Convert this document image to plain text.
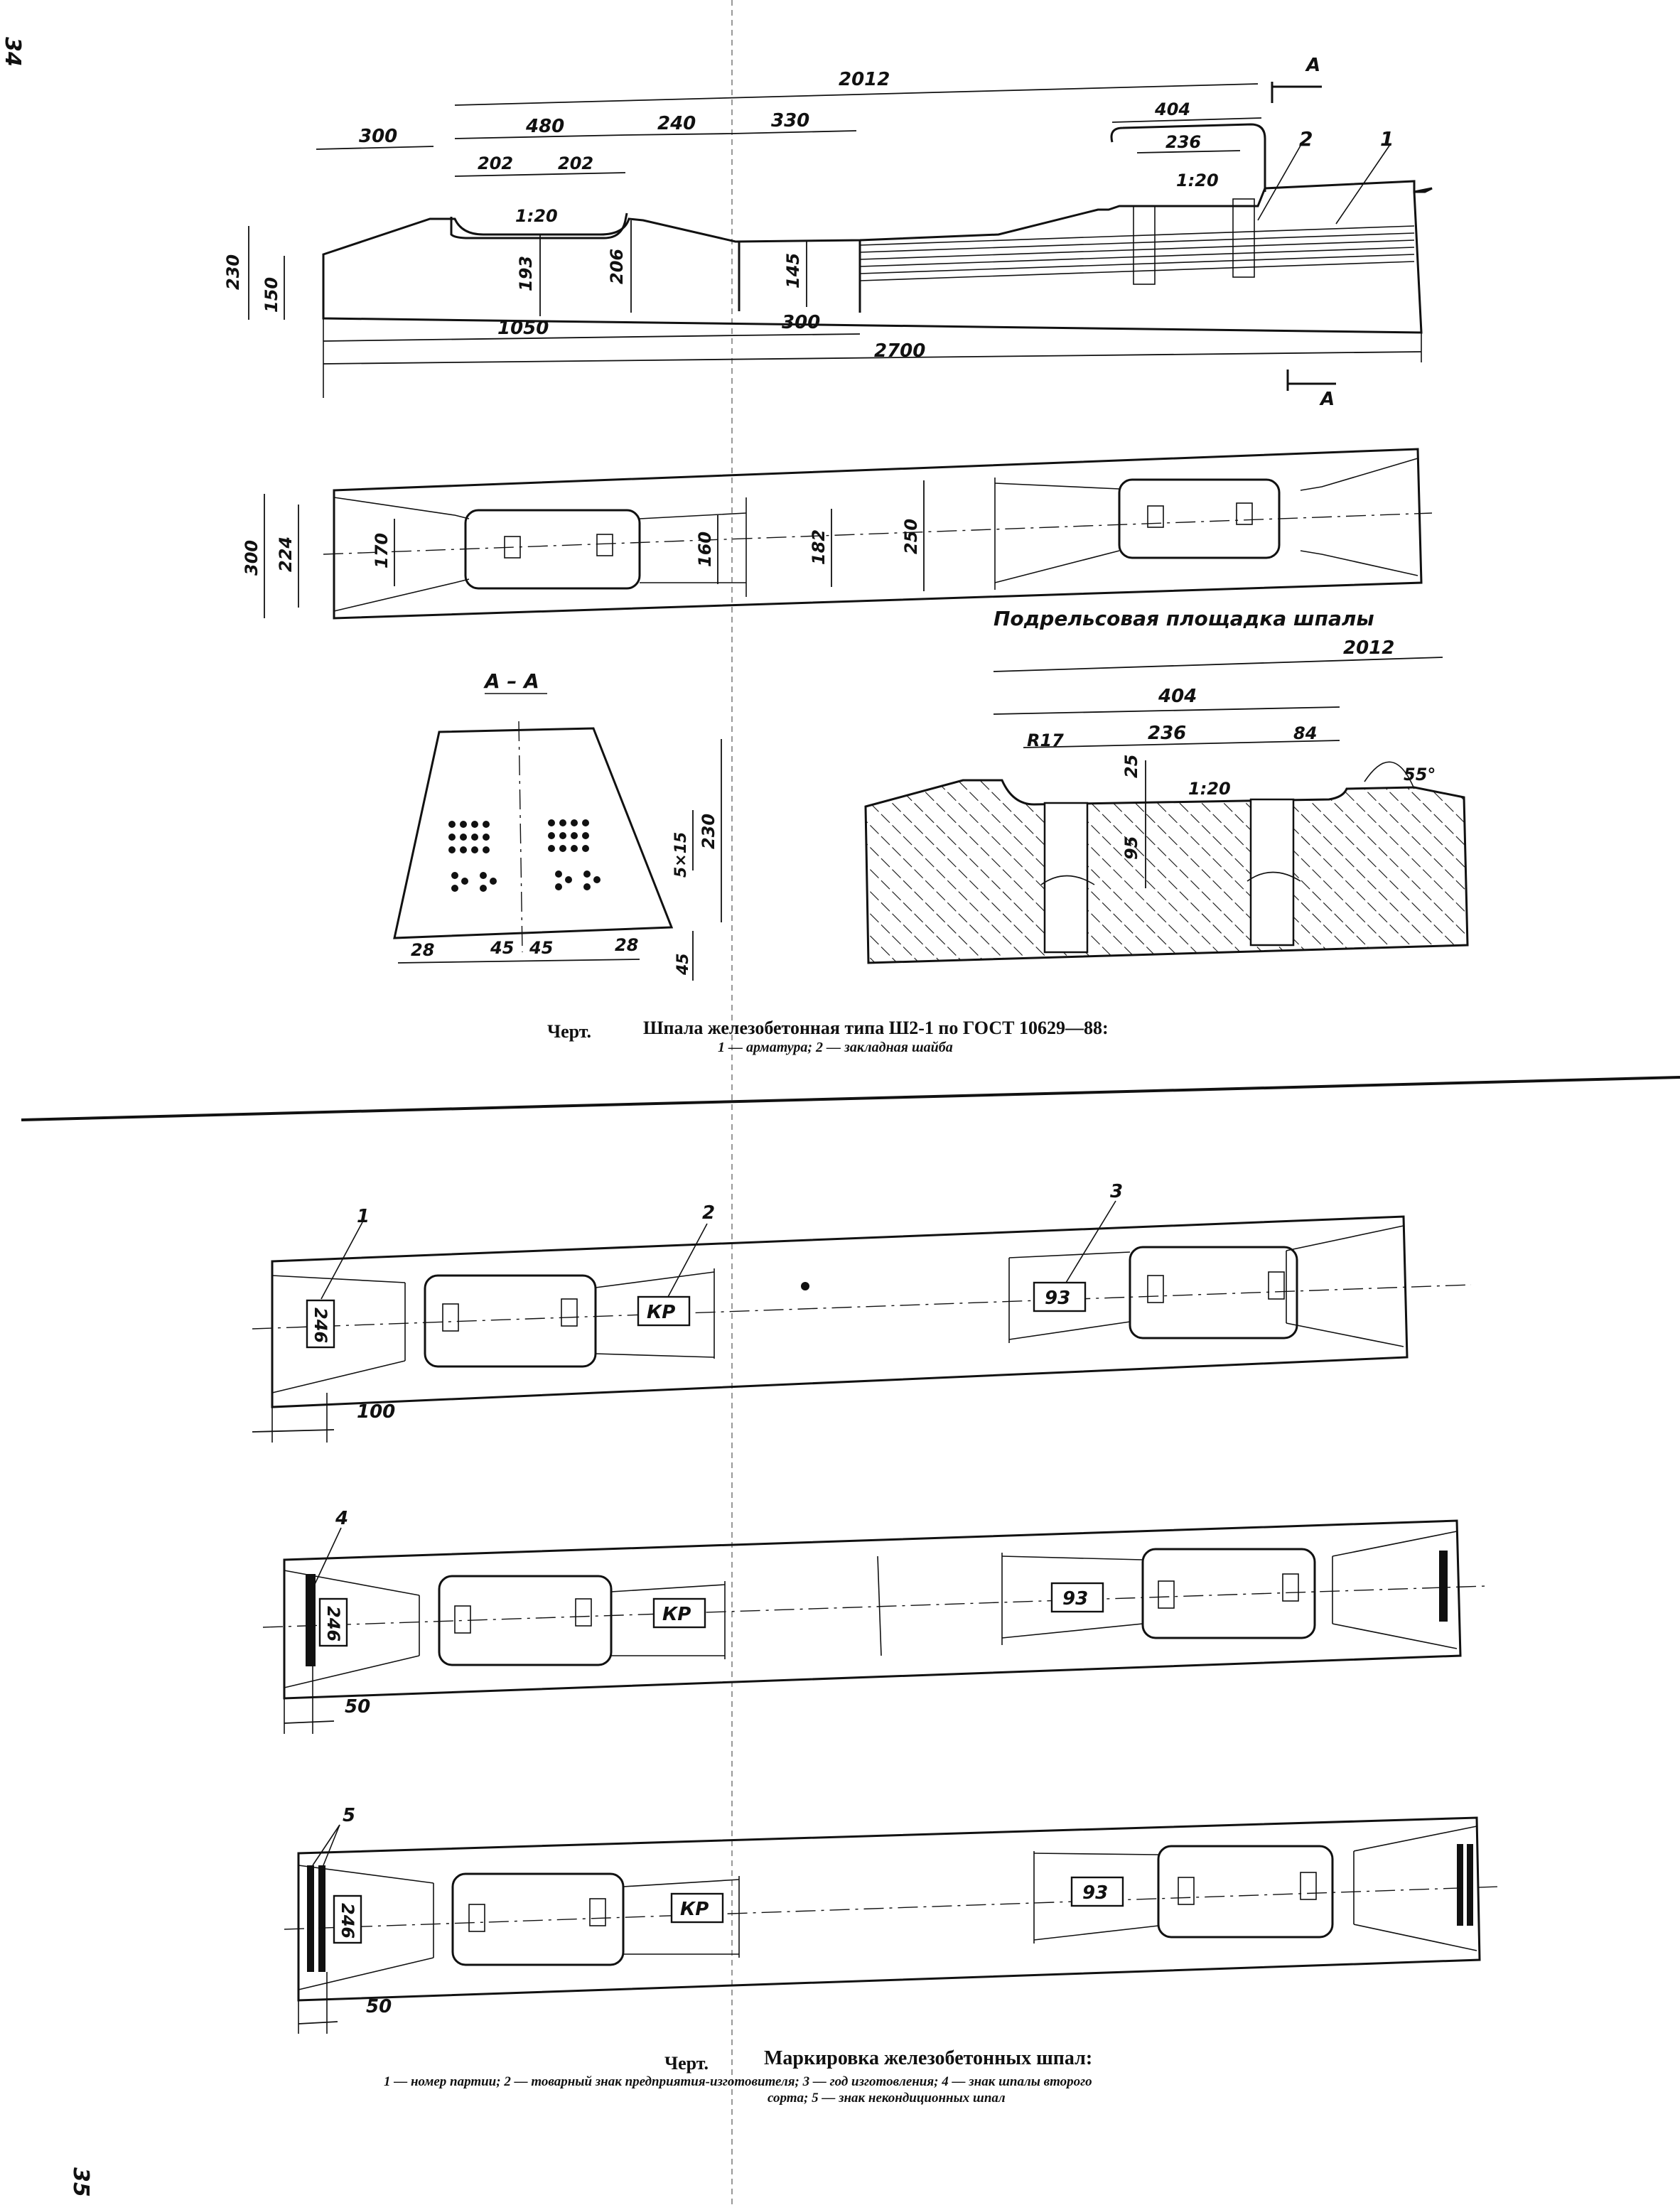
34
35
2	1
А
А
2012
300	480	240	330
404
236
202	202
1:20
1:20
230
150
193	206	145
1050	300
2700
300 224	170	160	182	250
А – А
230
5×15
28	45 45	28
45
Подрельсовая площадка шпалы
2012
404
R17	236	84
25
95
1:20
55°
Черт.	Шпала железобетонная типа Ш2-1 по ГОСТ 10629—88:
1 — арматура; 2 — закладная шайба
246	КР
93
1	2
3
100
246	КР
93
4
50
246	КР
93
5
50
Черт.	Маркировка железобетонных шпал:
1 — номер партии; 2 — товарный знак предприятия-изготовителя; 3 — год изготовления; 4 — знак шпалы второго
сорта; 5 — знак некондиционных шпал
